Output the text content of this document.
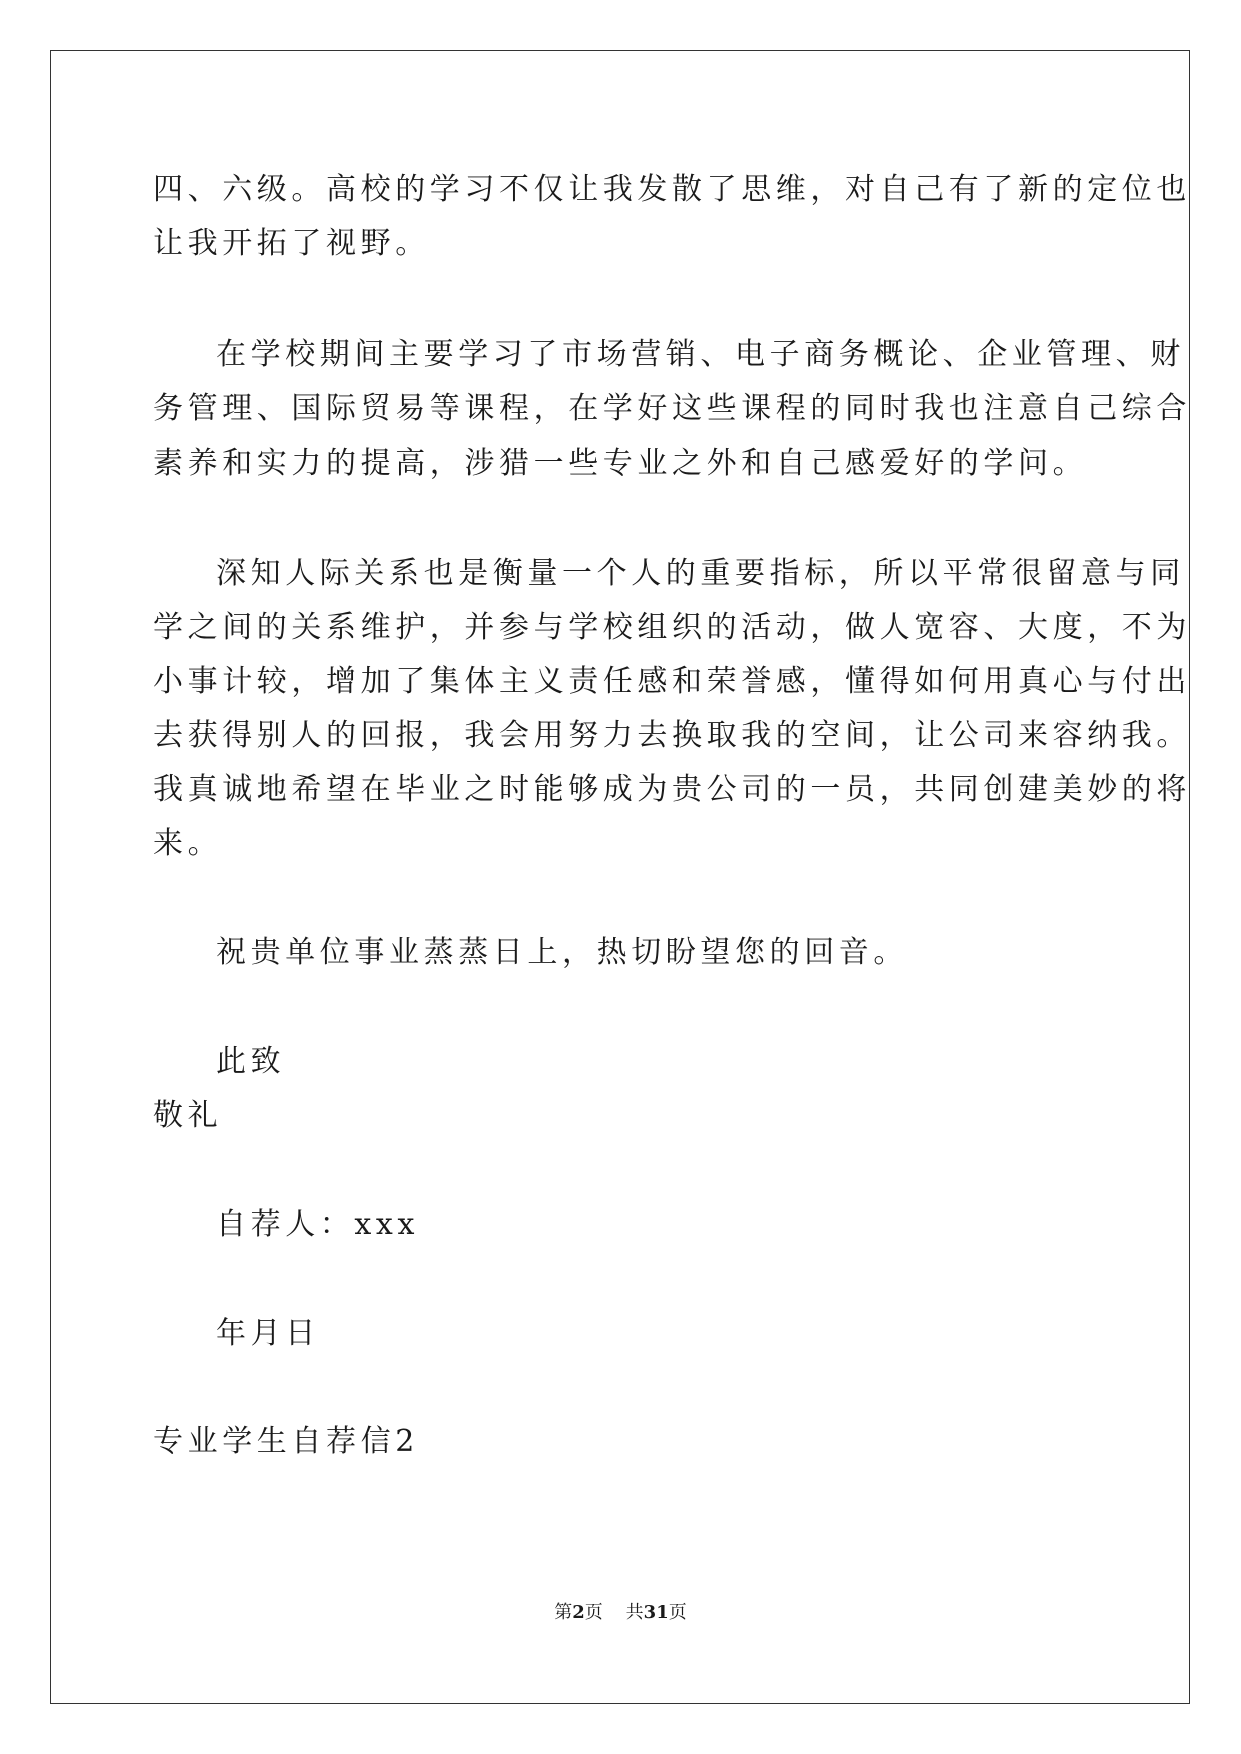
四、六级。高校的学习不仅让我发散了思维，对自己有了新的定位也
让我开拓了视野。
在学校期间主要学习了市场营销、电子商务概论、企业管理、财
务管理、国际贸易等课程，在学好这些课程的同时我也注意自己综合
素养和实力的提高，涉猎一些专业之外和自己感爱好的学问。
深知人际关系也是衡量一个人的重要指标，所以平常很留意与同
学之间的关系维护，并参与学校组织的活动，做人宽容、大度，不为
小事计较，增加了集体主义责任感和荣誉感，懂得如何用真心与付出
去获得别人的回报，我会用努力去换取我的空间，让公司来容纳我。
我真诚地希望在毕业之时能够成为贵公司的一员，共同创建美妙的将
来。
祝贵单位事业蒸蒸日上，热切盼望您的回音。
此致
敬礼
自荐人：xxx
年月日
专业学生自荐信2
第2页 共31页
